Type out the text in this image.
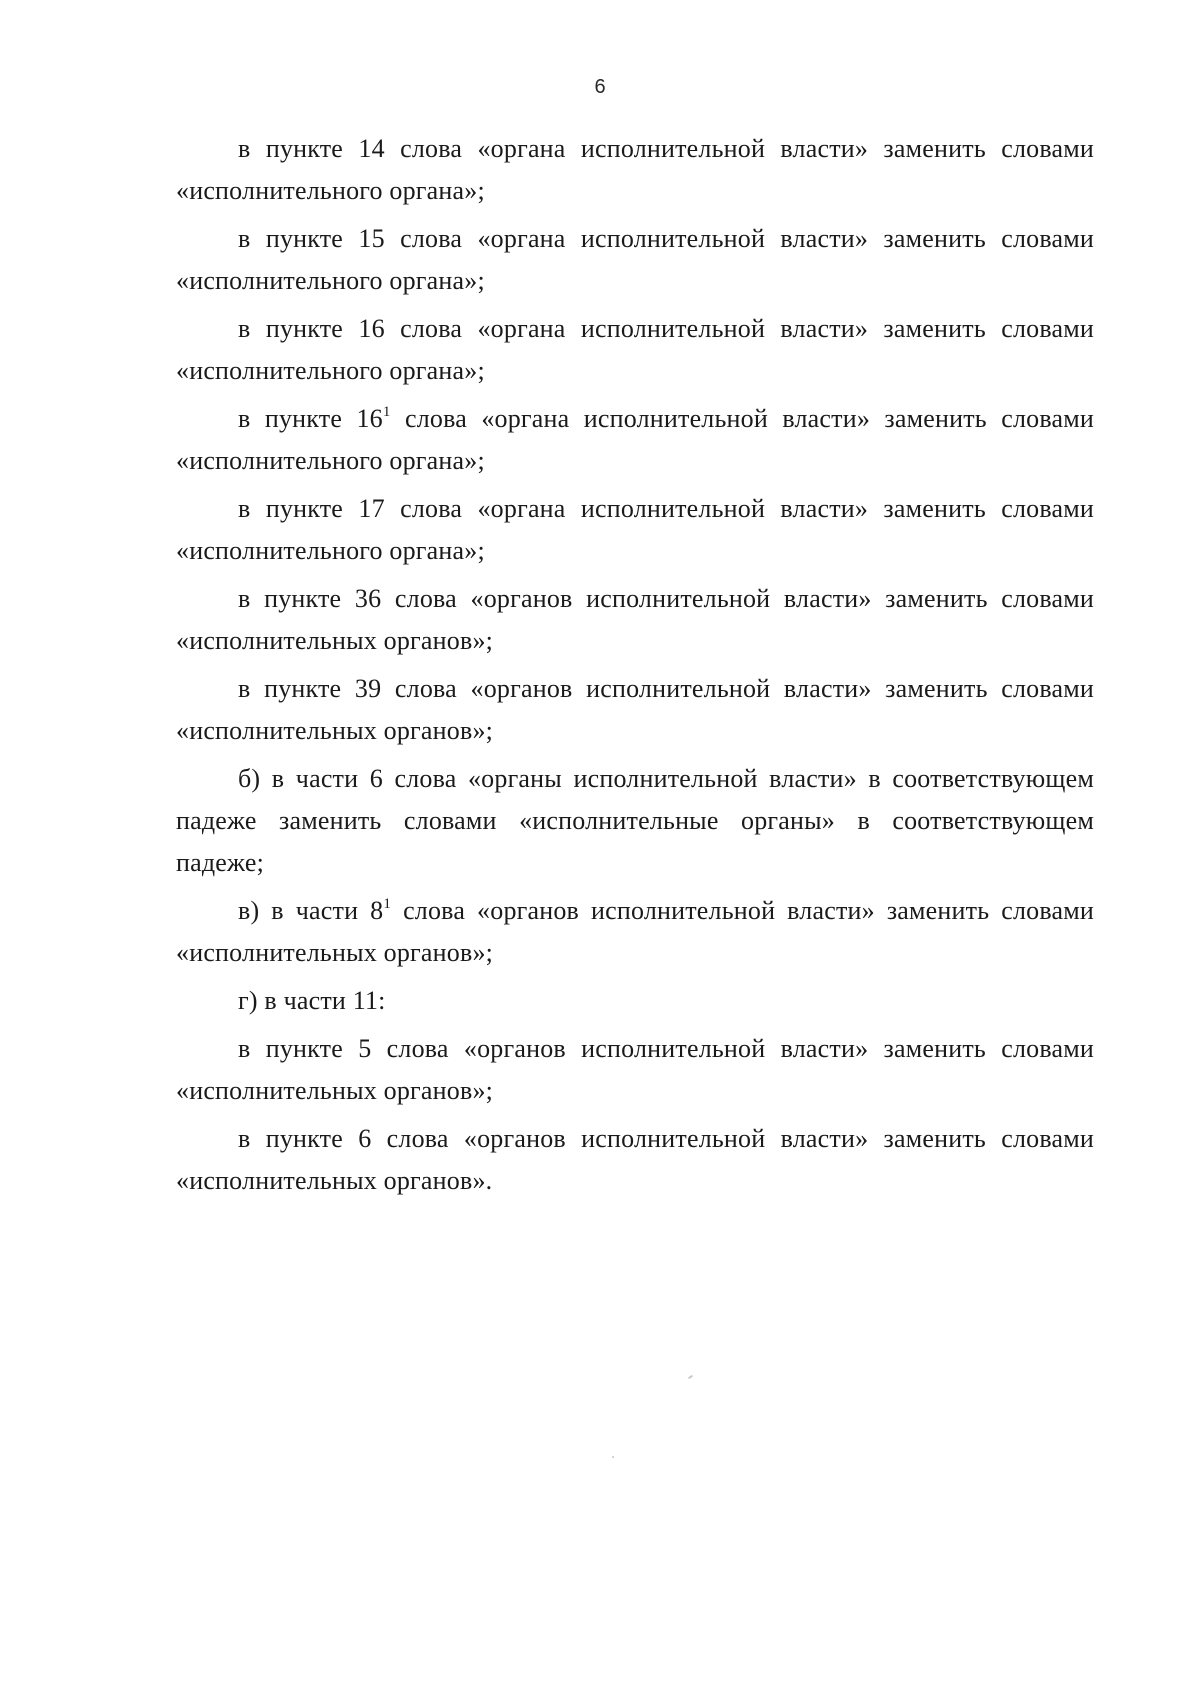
6

в пункте 14 слова «органа исполнительной власти» заменить словами «исполнительного органа»;

в пункте 15 слова «органа исполнительной власти» заменить словами «исполнительного органа»;

в пункте 16 слова «органа исполнительной власти» заменить словами «исполнительного органа»;

в пункте $16^1$ слова «органа исполнительной власти» заменить словами «исполнительного органа»;

в пункте 17 слова «органа исполнительной власти» заменить словами «исполнительного органа»;

в пункте 36 слова «органов исполнительной власти» заменить словами «исполнительных органов»;

в пункте 39 слова «органов исполнительной власти» заменить словами «исполнительных органов»;

б) в части 6 слова «органы исполнительной власти» в соответствующем падеже заменить словами «исполнительные органы» в соответствующем падеже;

в) в части $8^1$ слова «органов исполнительной власти» заменить словами «исполнительных органов»;

г) в части 11:

в пункте 5 слова «органов исполнительной власти» заменить словами «исполнительных органов»;

в пункте 6 слова «органов исполнительной власти» заменить словами «исполнительных органов».
